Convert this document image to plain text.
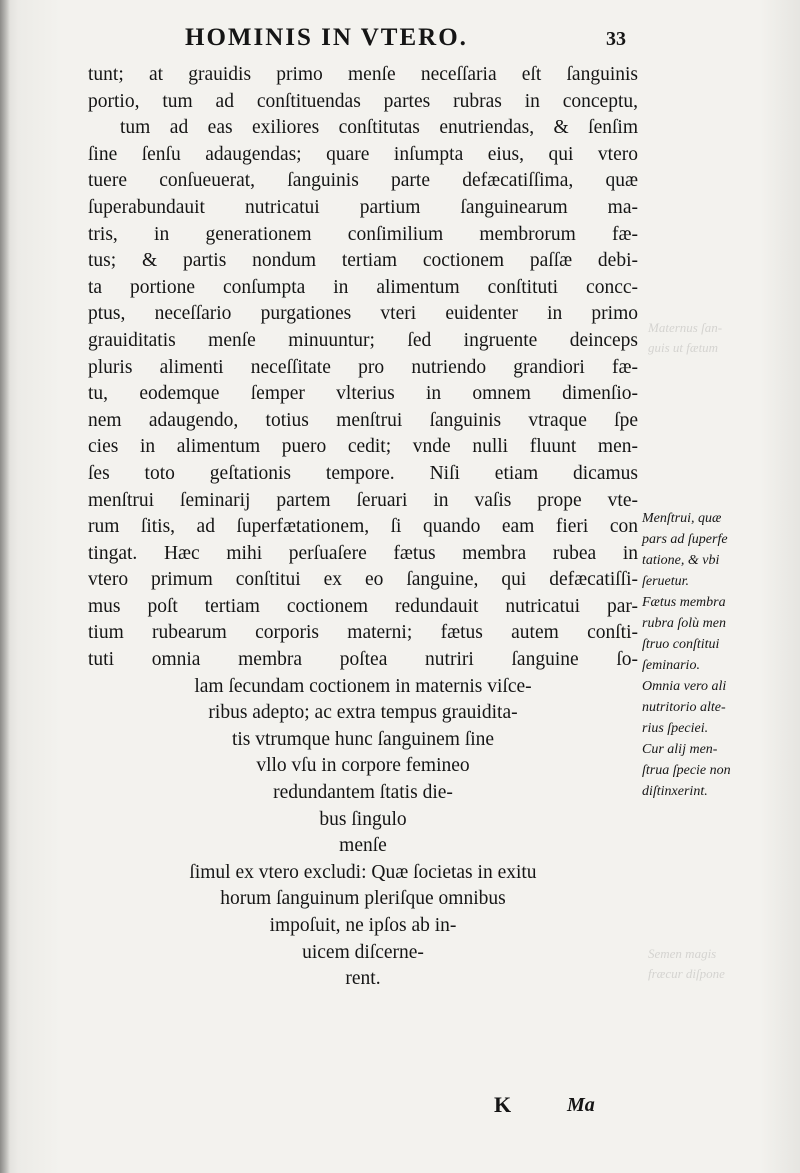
Maternus ſan-
guis ut fætum
Semen magis
fræcur diſpone
HOMINIS IN VTERO.	33
tunt; at grauidis primo menſe neceſſaria eſt ſanguinis
portio, tum ad conſtituendas partes rubras in conceptu,
tum ad eas exiliores conſtitutas enutriendas, & ſenſim
ſine ſenſu adaugendas; quare inſumpta eius, qui vtero
tuere conſueuerat, ſanguinis parte defæcatiſſima, quæ
ſuperabundauit nutricatui partium ſanguinearum ma-
tris, in generationem conſimilium membrorum fæ-
tus; & partis nondum tertiam coctionem paſſæ debi-
ta portione conſumpta in alimentum conſtituti concc-
ptus, neceſſario purgationes vteri euidenter in primo
grauiditatis menſe minuuntur; ſed ingruente deinceps
pluris alimenti neceſſitate pro nutriendo grandiori fæ-
tu, eodemque ſemper vlterius in omnem dimenſio-
nem adaugendo, totius menſtrui ſanguinis vtraque ſpe
cies in alimentum puero cedit; vnde nulli fluunt men-
ſes toto geſtationis tempore. Niſi etiam dicamus
menſtrui ſeminarij partem ſeruari in vaſis prope vte-
rum ſitis, ad ſuperfætationem, ſi quando eam fieri con
tingat. Hæc mihi perſuaſere fætus membra rubea in
vtero primum conſtitui ex eo ſanguine, qui defæcatiſſi-
mus poſt tertiam coctionem redundauit nutricatui par-
tium rubearum corporis materni; fætus autem conſti-
tuti omnia membra poſtea nutriri ſanguine ſo-
lam ſecundam coctionem in maternis viſce-
ribus adepto; ac extra tempus grauidita-
tis vtrumque hunc ſanguinem ſine
vllo vſu in corpore femineo
redundantem ſtatis die-
bus ſingulo
menſe
ſimul ex vtero excludi: Quæ ſocietas in exitu
horum ſanguinum pleriſque omnibus
impoſuit, ne ipſos ab in-
uicem diſcerne-
rent.
Menſtrui, quæ
pars ad ſuperfe
tatione, & vbi
ſeruetur.
Fætus membra
rubra ſolù men
ſtruo conſtitui
ſeminario.
Omnia vero ali
nutritorio alte-
rius ſpeciei.
Cur alij men-
ſtrua ſpecie non
diſtinxerint.
K	Ma
